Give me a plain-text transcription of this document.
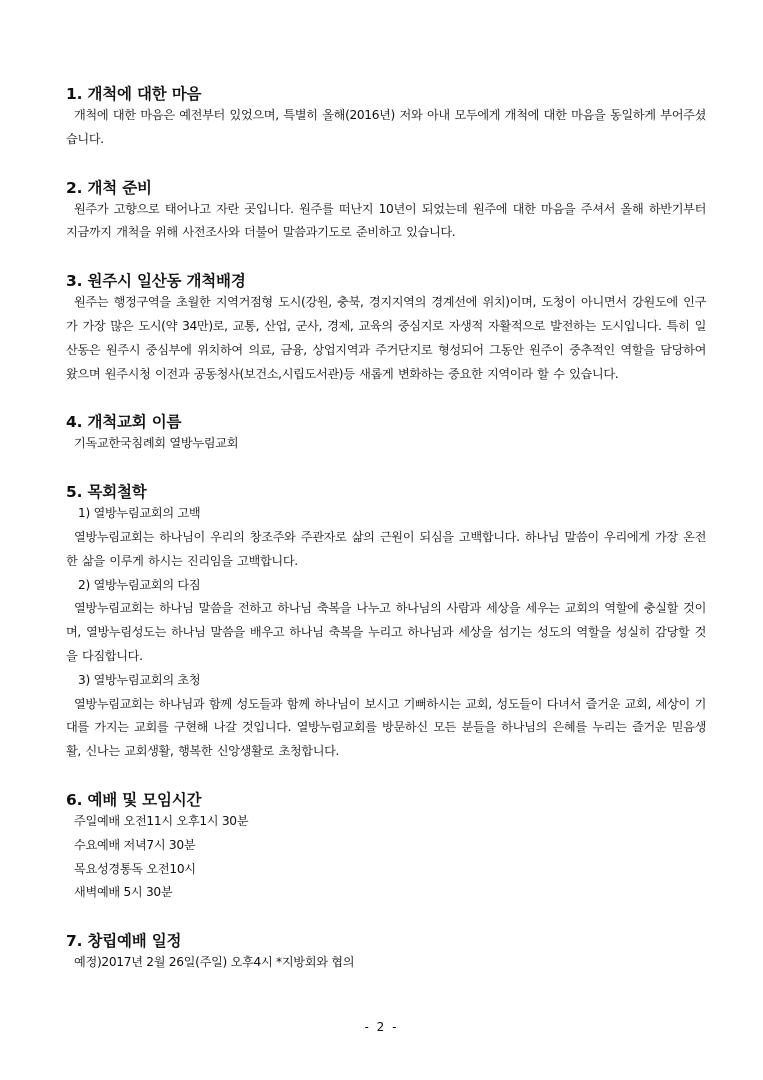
1. 개척에 대한 마음

개척에 대한 마음은 예전부터 있었으며, 특별히 올해(2016년) 저와 아내 모두에게 개척에 대한 마음을 동일하게 부어주셨습니다.

2. 개척 준비

원주가 고향으로 태어나고 자란 곳입니다. 원주를 떠난지 10년이 되었는데 원주에 대한 마음을 주셔서 올해 하반기부터 지금까지 개척을 위해 사전조사와 더불어 말씀과기도로 준비하고 있습니다.

3. 원주시 일산동 개척배경

원주는 행정구역을 초월한 지역거점형 도시(강원, 충북, 경지지역의 경계선에 위치)이며, 도청이 아니면서 강원도에 인구가 가장 많은 도시(약 34만)로, 교통, 산업, 군사, 경제, 교육의 중심지로 자생적 자활적으로 발전하는 도시입니다. 특히 일산동은 원주시 중심부에 위치하여 의료, 금융, 상업지역과 주거단지로 형성되어 그동안 원주이 중추적인 역할을 담당하여 왔으며 원주시청 이전과 공동청사(보건소,시립도서관)등 새롭게 변화하는 중요한 지역이라 할 수 있습니다.

4. 개척교회 이름
기독교한국침례회 열방누림교회
5. 목회철학
1) 열방누림교회의 고백

열방누림교회는 하나님이 우리의 창조주와 주관자로 삶의 근원이 되심을 고백합니다. 하나님 말씀이 우리에게 가장 온전한 삶을 이루게 하시는 진리임을 고백합니다.

2) 열방누림교회의 다짐

열방누림교회는 하나님 말씀을 전하고 하나님 축복을 나누고 하나님의 사람과 세상을 세우는 교회의 역할에 충실할 것이며, 열방누림성도는 하나님 말씀을 배우고 하나님 축복을 누리고 하나님과 세상을 섬기는 성도의 역할을 성실히 감당할 것을 다짐합니다.

3) 열방누림교회의 초청

열방누림교회는 하나님과 함께 성도들과 함께 하나님이 보시고 기뻐하시는 교회, 성도들이 다녀서 즐거운 교회, 세상이 기대를 가지는 교회를 구현해 나갈 것입니다. 열방누림교회를 방문하신 모든 분들을 하나님의 은혜를 누리는 즐거운 믿음생활, 신나는 교회생활, 행복한 신앙생활로 초청합니다.

6. 예배 및 모임시간
주일예배 오전11시 오후1시 30분
수요예배 저녁7시 30분
목요성경통독 오전10시
새벽예배 5시 30분
7. 창립예배 일정
예정)2017년 2월 26일(주일) 오후4시 *지방회와 협의
- 2 -
